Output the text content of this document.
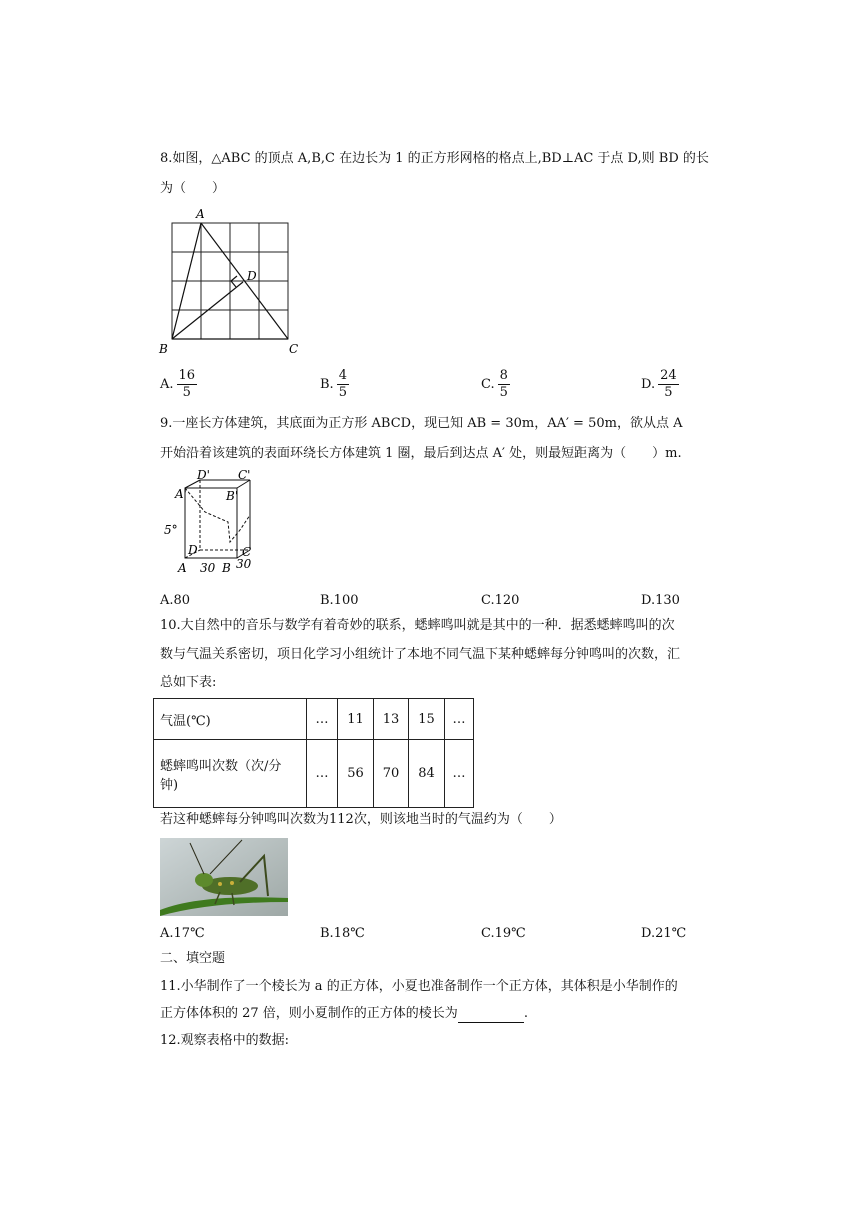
8.如图，△ABC 的顶点 A,B,C 在边长为 1 的正方形网格的格点上,BD⊥AC 于点 D,则 BD 的长
为（　　）
A
B	C
D
A. $\frac{16}{5}$	B. $\frac{4}{5}$	C. $\frac{8}{5}$	D. $\frac{24}{5}$
9.一座长方体建筑，其底面为正方形 ABCD，现已知 AB = 30m，AA′ = 50m，欲从点 A
开始沿着该建筑的表面环绕长方体建筑 1 圈，最后到达点 A′ 处，则最短距离为（　　）m.
A'
D' C'
B'
D	C
A	B
30 30
5°
A.80	B.100	C.120	D.130
10.大自然中的音乐与数学有着奇妙的联系，蟋蟀鸣叫就是其中的一种．据悉蟋蟀鸣叫的次
数与气温关系密切，项日化学习小组统计了本地不同气温下某种蟋蟀每分钟鸣叫的次数，汇
总如下表:
气温(℃)	…	11	13	15	…

蟋蟀鸣叫次数（次/分
钟)	…	56	70	84	…
若这种蟋蟀每分钟鸣叫次数为112次，则该地当时的气温约为（　　）
A.17℃	B.18℃	C.19℃	D.21℃
二、填空题
11.小华制作了一个棱长为 a 的正方体，小夏也准备制作一个正方体，其体积是小华制作的
正方体体积的 27 倍，则小夏制作的正方体的棱长为	.
12.观察表格中的数据:
